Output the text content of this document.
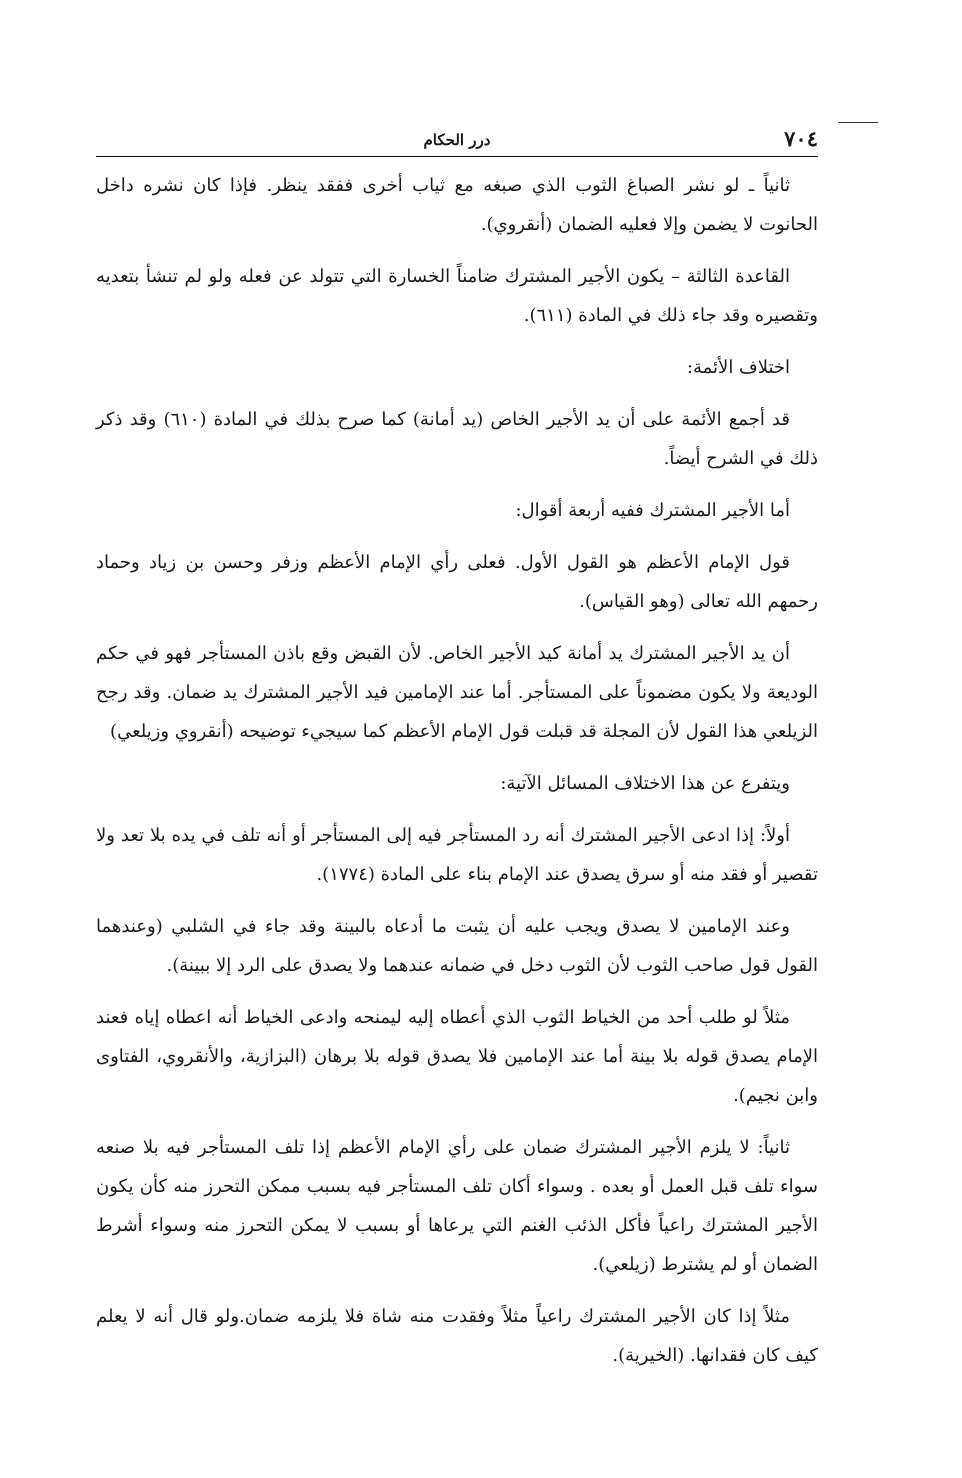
٧٠٤
درر الحكام

ثانياً ـ لو نشر الصباغ الثوب الذي صبغه مع ثياب أخرى ففقد ينظر. فإذا كان نشره داخل الحانوت لا يضمن وإلا فعليه الضمان (أنقروي).

القاعدة الثالثة – يكون الأجير المشترك ضامناً الخسارة التي تتولد عن فعله ولو لم تنشأ بتعديه وتقصيره وقد جاء ذلك في المادة (٦١١).

اختلاف الأئمة:

قد أجمع الأئمة على أن يد الأجير الخاص (يد أمانة) كما صرح بذلك في المادة (٦١٠) وقد ذكر ذلك في الشرح أيضاً.

أما الأجير المشترك ففيه أربعة أقوال:

قول الإمام الأعظم هو القول الأول. فعلى رأي الإمام الأعظم وزفر وحسن بن زياد وحماد رحمهم الله تعالى (وهو القياس).

أن يد الأجير المشترك يد أمانة كيد الأجير الخاص. لأن القبض وقع باذن المستأجر فهو في حكم الوديعة ولا يكون مضموناً على المستأجر. أما عند الإمامين فيد الأجير المشترك يد ضمان. وقد رجح الزيلعي هذا القول لأن المجلة قد قبلت قول الإمام الأعظم كما سيجيء توضيحه (أنقروي وزيلعي)

ويتفرع عن هذا الاختلاف المسائل الآتية:

أولاً: إذا ادعى الأجير المشترك أنه رد المستأجر فيه إلى المستأجر أو أنه تلف في يده بلا تعد ولا تقصير أو فقد منه أو سرق يصدق عند الإمام بناء على المادة (١٧٧٤).

وعند الإمامين لا يصدق ويجب عليه أن يثبت ما أدعاه بالبينة وقد جاء في الشلبي (وعندهما القول قول صاحب الثوب لأن الثوب دخل في ضمانه عندهما ولا يصدق على الرد إلا ببينة).

مثلاً لو طلب أحد من الخياط الثوب الذي أعطاه إليه ليمنحه وادعى الخياط أنه اعطاه إياه فعند الإمام يصدق قوله بلا بينة أما عند الإمامين فلا يصدق قوله بلا برهان (البزازية، والأنقروي، الفتاوى وابن نجيم).

ثانياً: لا يلزم الأجير المشترك ضمان على رأي الإمام الأعظم إذا تلف المستأجر فيه بلا صنعه سواء تلف قبل العمل أو بعده . وسواء أكان تلف المستأجر فيه بسبب ممكن التحرز منه كأن يكون الأجير المشترك راعياً فأكل الذئب الغنم التي يرعاها أو بسبب لا يمكن التحرز منه وسواء أشرط الضمان أو لم يشترط (زيلعي).

مثلاً إذا كان الأجير المشترك راعياً مثلاً وفقدت منه شاة فلا يلزمه ضمان.ولو قال أنه لا يعلم كيف كان فقدانها. (الخيرية).
